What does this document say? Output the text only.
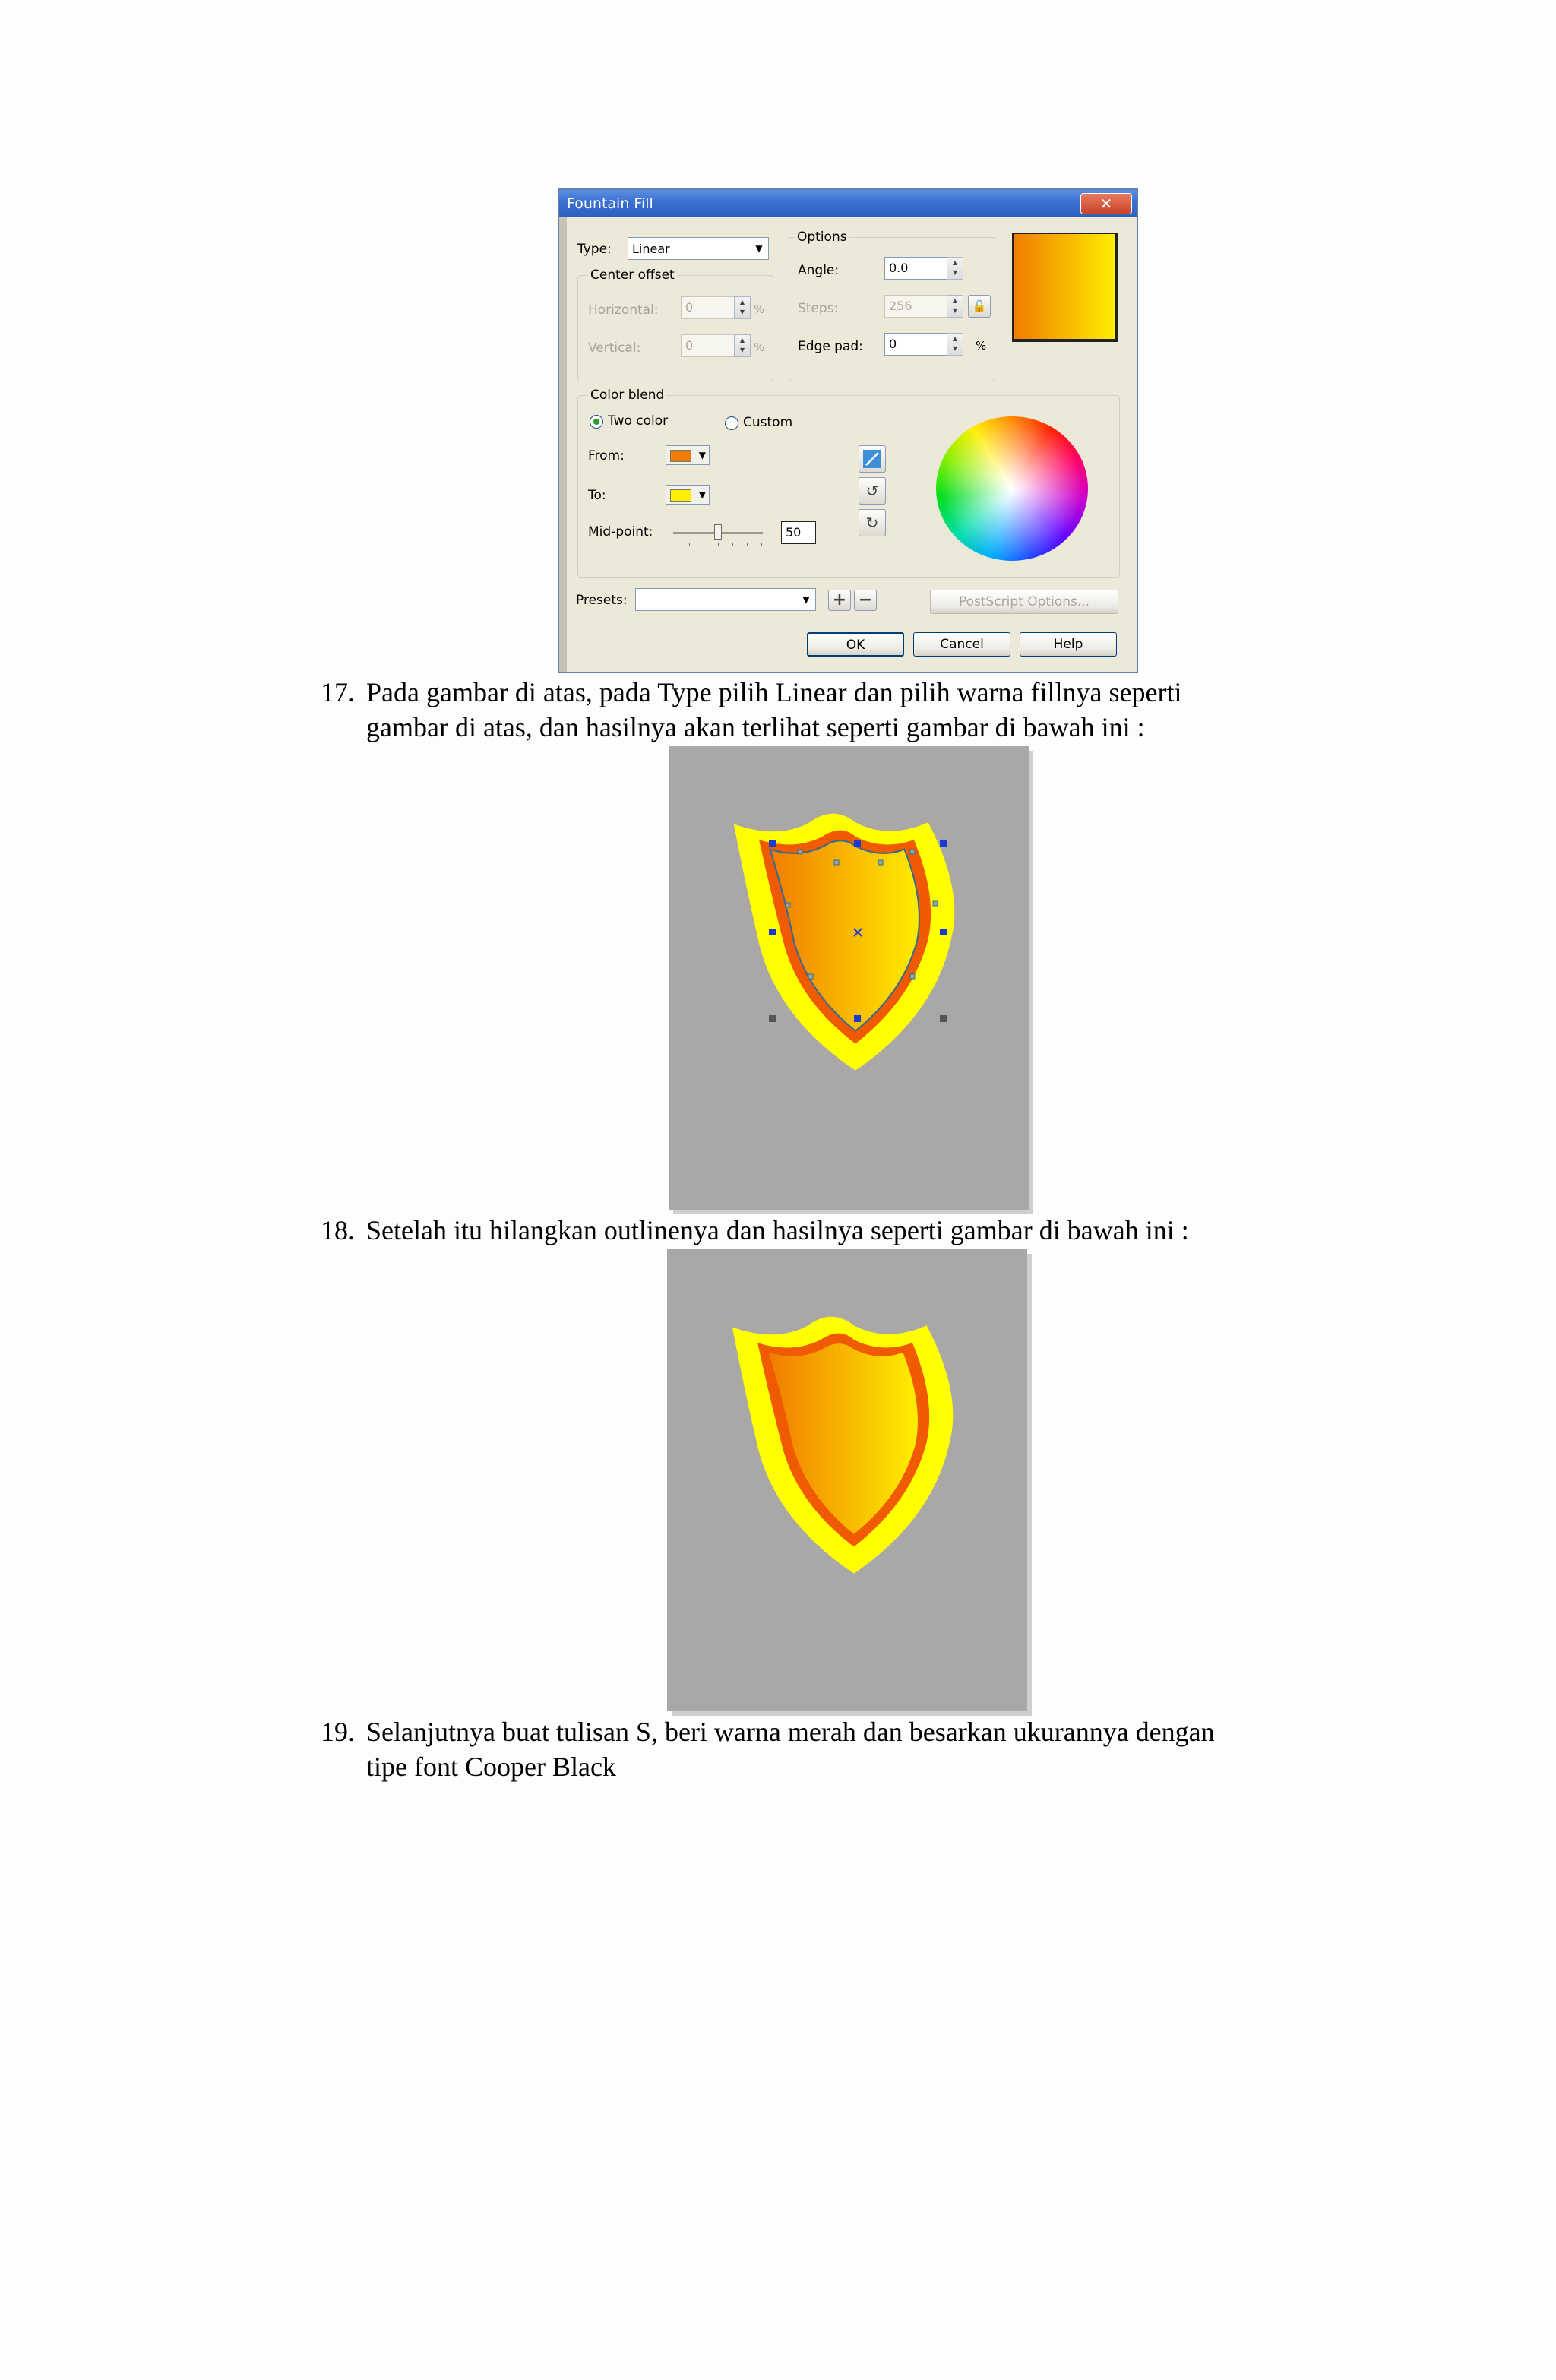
Fountain Fill	✕
Type: Linear	▼
Center offset
Horizontal:	0	▲
▼ %
Vertical:	0	▲
▼ %
Options
Angle:	0.0	▲
▼
Steps:	256	▲
▼	🔓
Edge pad:	0	▲
▼	%
Color blend
Two color	Custom
From:	▼
To:	▼
Mid-point:	50
↺
↻
Presets:	▼ + −	PostScript Options...
OK	Cancel	Help
17. Pada gambar di atas, pada Type pilih Linear dan pilih warna fillnya seperti
gambar di atas, dan hasilnya akan terlihat seperti gambar di bawah ini :
18. Setelah itu hilangkan outlinenya dan hasilnya seperti gambar di bawah ini :
19. Selanjutnya buat tulisan S, beri warna merah dan besarkan ukurannya dengan
tipe font Cooper Black
